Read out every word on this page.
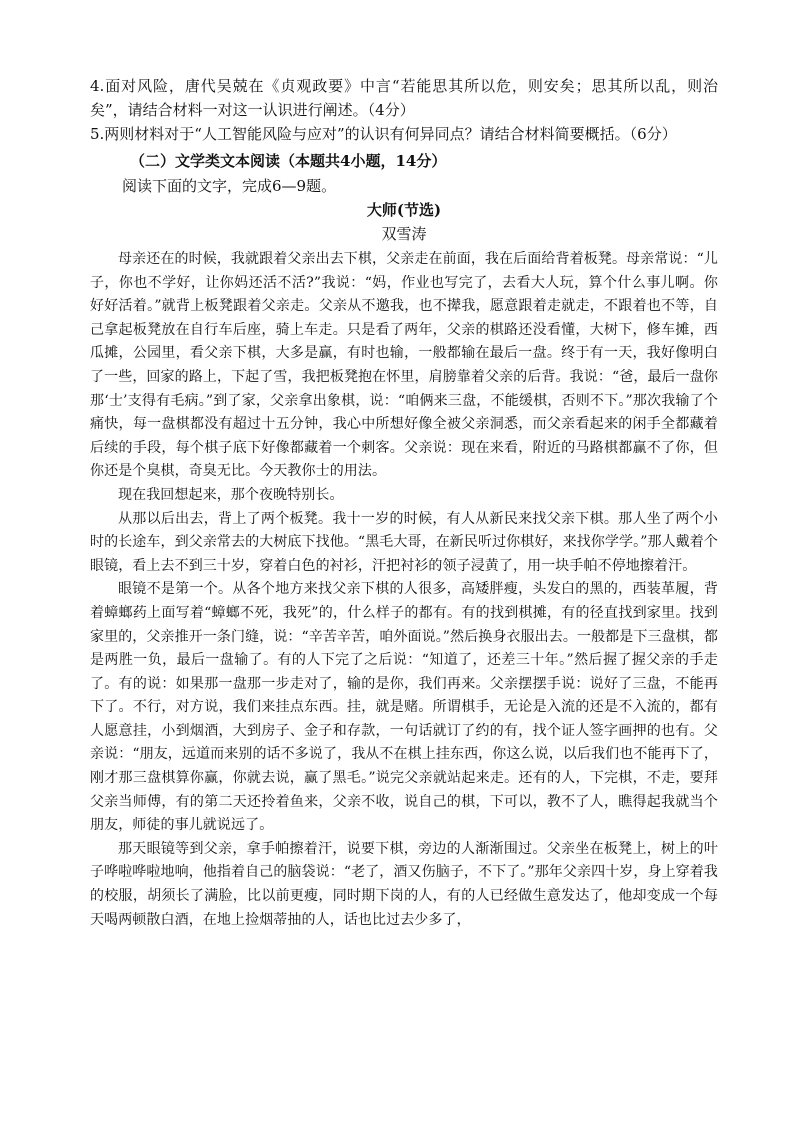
4.面对风险，唐代吴兢在《贞观政要》中言“若能思其所以危，则安矣；思其所以乱，则治矣”，请结合材料一对这一认识进行阐述。（4分）

5.两则材料对于“人工智能风险与应对”的认识有何异同点？请结合材料简要概括。（6分）

（二）文学类文本阅读（本题共4小题，14分）

阅读下面的文字，完成6—9题。

大师(节选)

双雪涛

母亲还在的时候，我就跟着父亲出去下棋，父亲走在前面，我在后面给背着板凳。母亲常说：“儿子，你也不学好，让你妈还活不活?”我说：“妈，作业也写完了，去看大人玩，算个什么事儿啊。你好好活着。”就背上板凳跟着父亲走。父亲从不邀我，也不撵我，愿意跟着走就走，不跟着也不等，自己拿起板凳放在自行车后座，骑上车走。只是看了两年，父亲的棋路还没看懂，大树下，修车摊，西瓜摊，公园里，看父亲下棋，大多是赢，有时也输，一般都输在最后一盘。终于有一天，我好像明白了一些，回家的路上，下起了雪，我把板凳抱在怀里，肩膀靠着父亲的后背。我说：“爸，最后一盘你那‘士’支得有毛病。”到了家，父亲拿出象棋，说：“咱俩来三盘，不能缓棋，否则不下。”那次我输了个痛快，每一盘棋都没有超过十五分钟，我心中所想好像全被父亲洞悉，而父亲看起来的闲手全都藏着后续的手段，每个棋子底下好像都藏着一个刺客。父亲说：现在来看，附近的马路棋都赢不了你，但你还是个臭棋，奇臭无比。今天教你士的用法。

现在我回想起来，那个夜晚特别长。

从那以后出去，背上了两个板凳。我十一岁的时候，有人从新民来找父亲下棋。那人坐了两个小时的长途车，到父亲常去的大树底下找他。“黑毛大哥，在新民听过你棋好，来找你学学。”那人戴着个眼镜，看上去不到三十岁，穿着白色的衬衫，汗把衬衫的领子浸黄了，用一块手帕不停地擦着汗。

眼镜不是第一个。从各个地方来找父亲下棋的人很多，高矮胖瘦，头发白的黑的，西装革履，背着蟑螂药上面写着“蟑螂不死，我死”的，什么样子的都有。有的找到棋摊，有的径直找到家里。找到家里的，父亲推开一条门缝，说：“辛苦辛苦，咱外面说。”然后换身衣服出去。一般都是下三盘棋，都是两胜一负，最后一盘输了。有的人下完了之后说：“知道了，还差三十年。”然后握了握父亲的手走了。有的说：如果那一盘那一步走对了，输的是你，我们再来。父亲摆摆手说：说好了三盘，不能再下了。不行，对方说，我们来挂点东西。挂，就是赌。所谓棋手，无论是入流的还是不入流的，都有人愿意挂，小到烟酒，大到房子、金子和存款，一句话就订了约的有，找个证人签字画押的也有。父亲说：“朋友，远道而来别的话不多说了，我从不在棋上挂东西，你这么说，以后我们也不能再下了，刚才那三盘棋算你赢，你就去说，赢了黑毛。”说完父亲就站起来走。还有的人，下完棋，不走，要拜父亲当师傅，有的第二天还拎着鱼来，父亲不收，说自己的棋，下可以，教不了人，瞧得起我就当个朋友，师徒的事儿就说远了。

那天眼镜等到父亲，拿手帕擦着汗，说要下棋，旁边的人渐渐围过。父亲坐在板凳上，树上的叶子哗啦哗啦地响，他指着自己的脑袋说：“老了，酒又伤脑子，不下了。”那年父亲四十岁，身上穿着我的校服，胡须长了满脸，比以前更瘦，同时期下岗的人，有的人已经做生意发达了，他却变成一个每天喝两顿散白酒，在地上捡烟蒂抽的人，话也比过去少多了，
